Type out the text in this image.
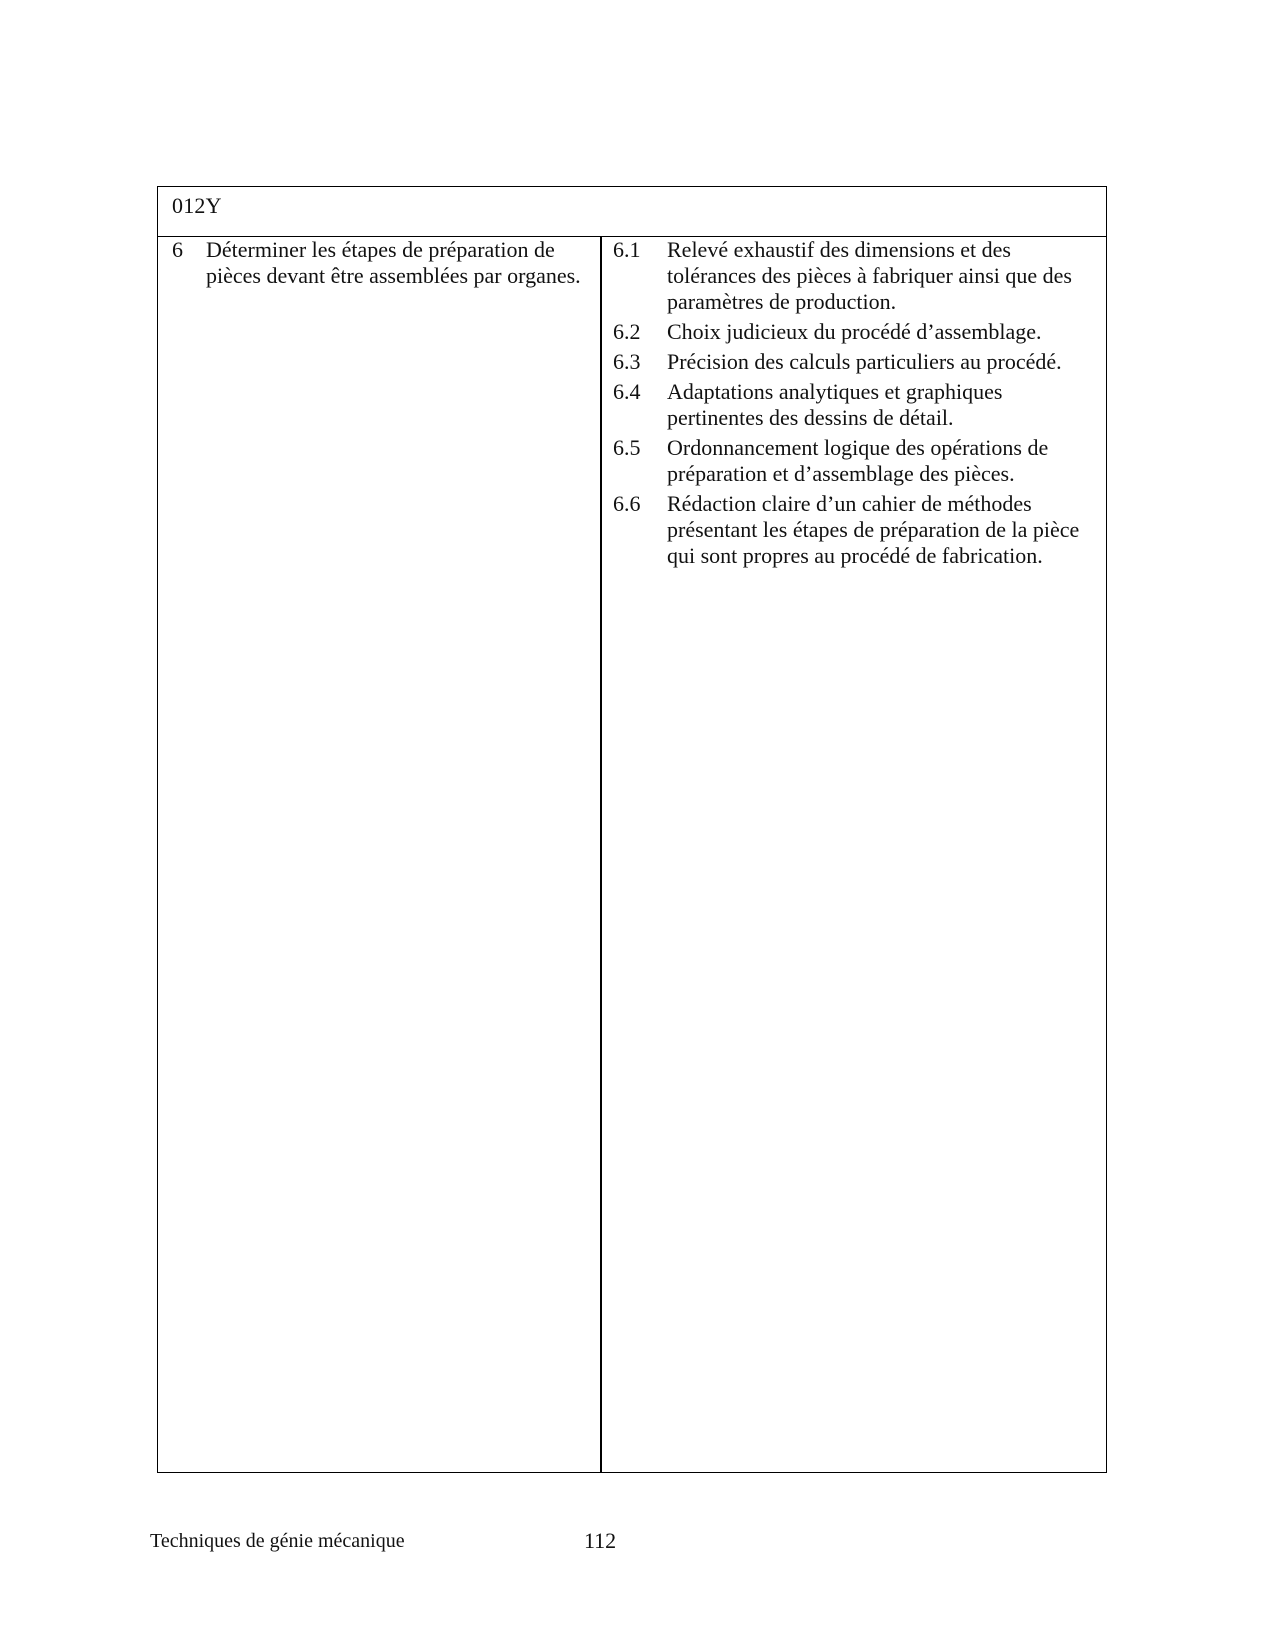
012Y
6 Déterminer les étapes de préparation de pièces devant être assemblées par organes.
6.1 Relevé exhaustif des dimensions et des tolérances des pièces à fabriquer ainsi que des paramètres de production.
6.2 Choix judicieux du procédé d’assemblage.
6.3 Précision des calculs particuliers au procédé.
6.4 Adaptations analytiques et graphiques pertinentes des dessins de détail.
6.5 Ordonnancement logique des opérations de préparation et d’assemblage des pièces.
6.6 Rédaction claire d’un cahier de méthodes présentant les étapes de préparation de la pièce qui sont propres au procédé de fabrication.
Techniques de génie mécanique	112
